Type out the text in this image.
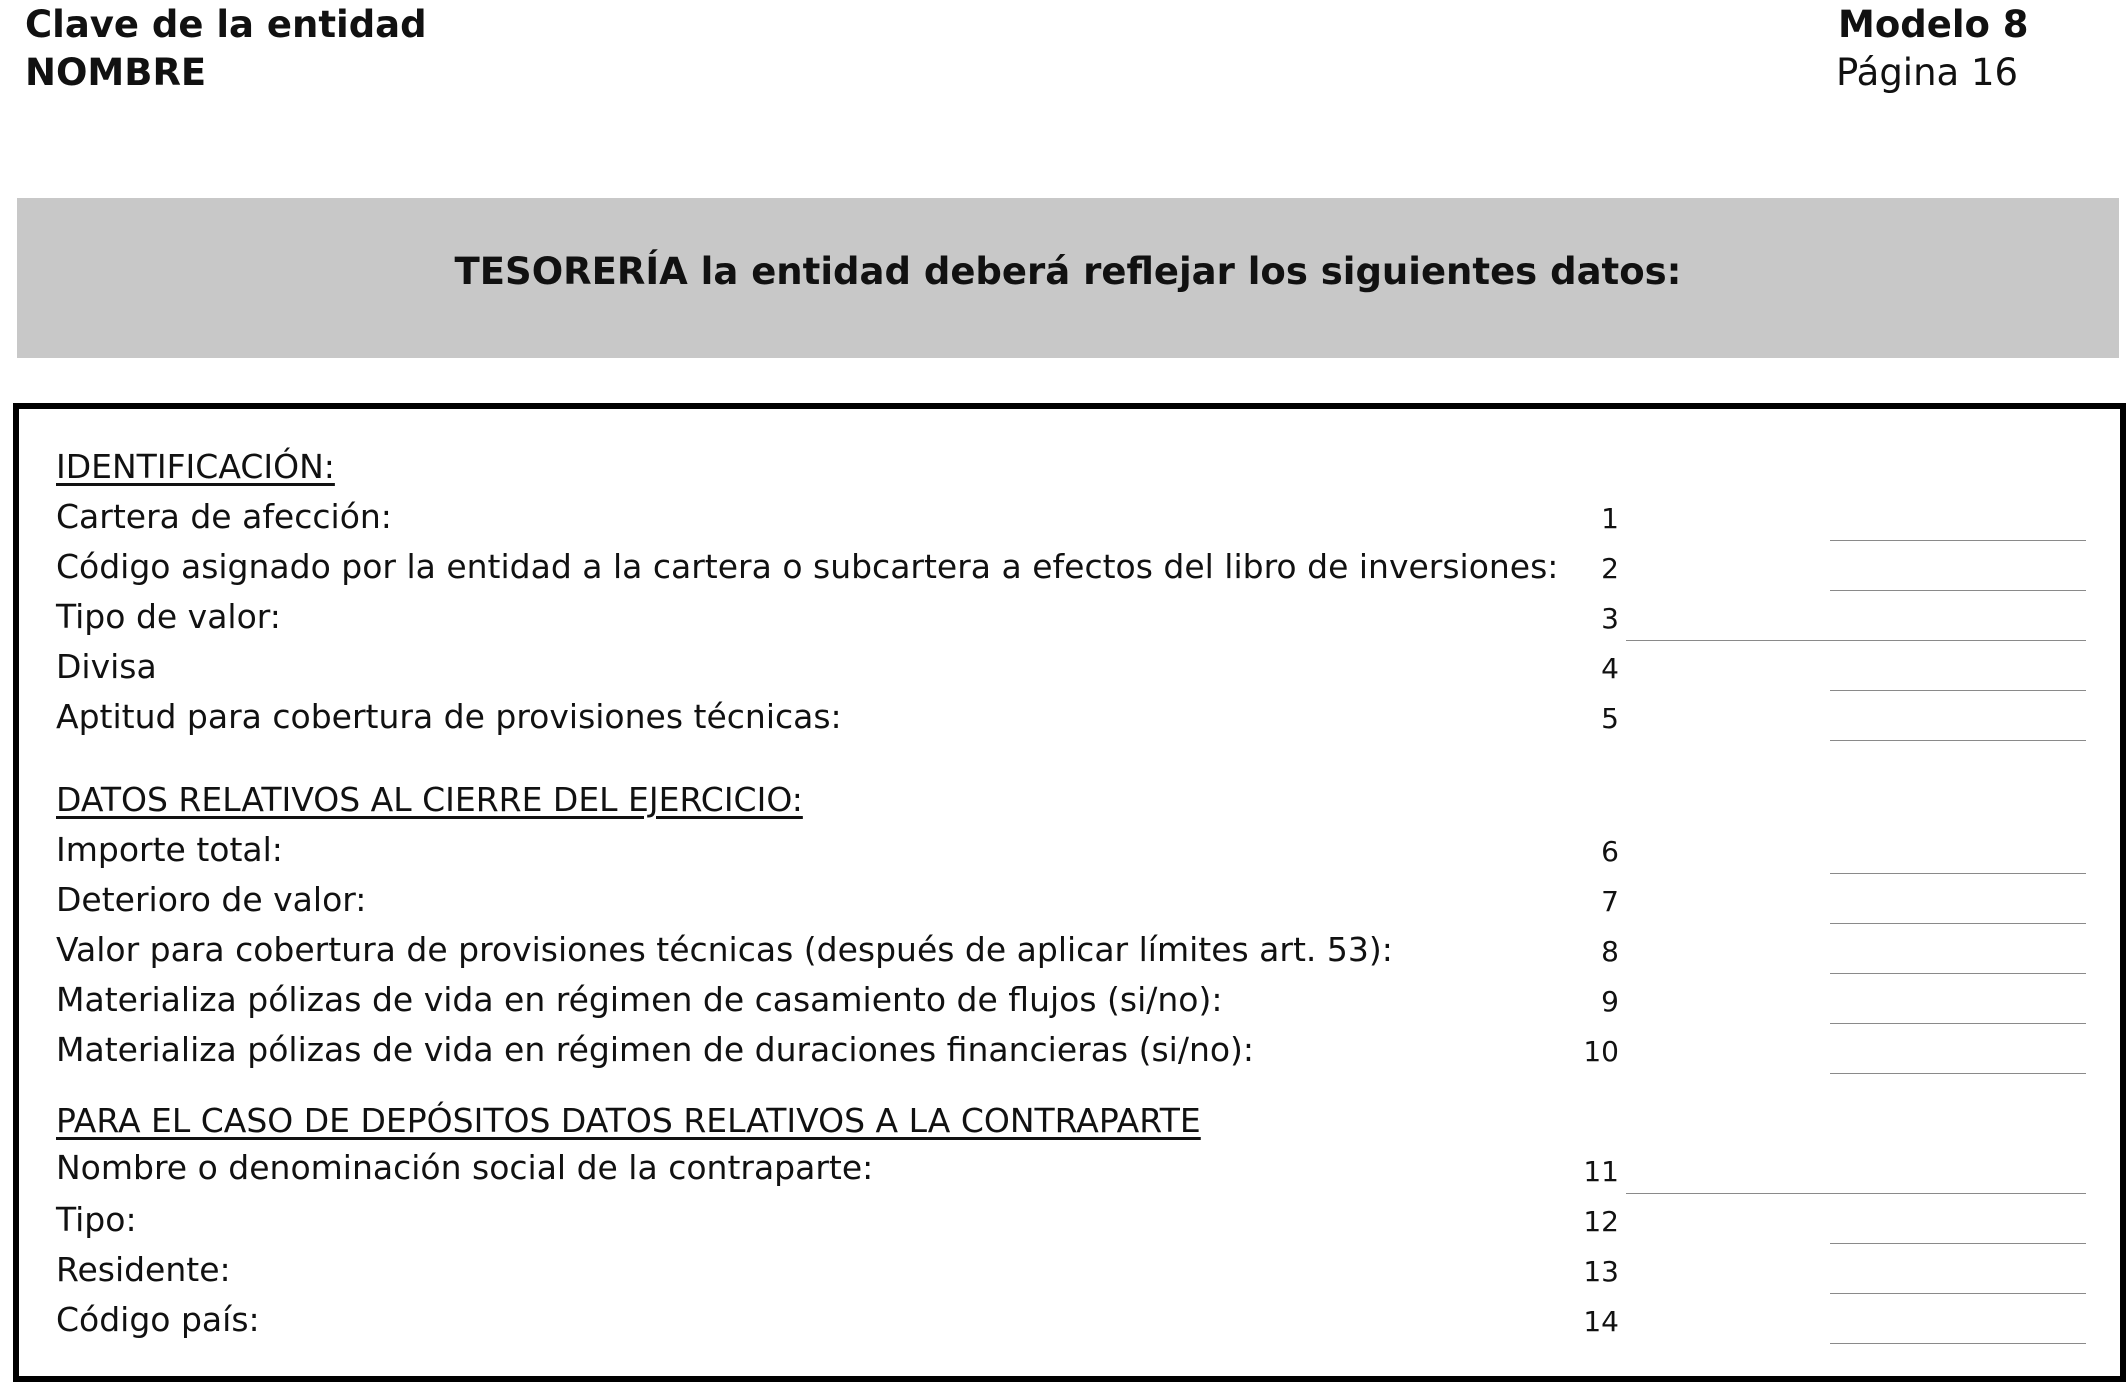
Clave de la entidad
NOMBRE
Modelo 8
Página 16
TESORERÍA la entidad deberá reflejar los siguientes datos:
IDENTIFICACIÓN:
Cartera de afección:	1
Código asignado por la entidad a la cartera o subcartera a efectos del libro de inversiones:	2
Tipo de valor:	3
Divisa	4
Aptitud para cobertura de provisiones técnicas:	5
DATOS RELATIVOS AL CIERRE DEL EJERCICIO:
Importe total:	6
Deterioro de valor:	7
Valor para cobertura de provisiones técnicas (después de aplicar límites art. 53):	8
Materializa pólizas de vida en régimen de casamiento de flujos (si/no):	9
Materializa pólizas de vida en régimen de duraciones financieras (si/no):	10
PARA EL CASO DE DEPÓSITOS DATOS RELATIVOS A LA CONTRAPARTE
Nombre o denominación social de la contraparte:	11
Tipo:	12
Residente:	13
Código país:	14
